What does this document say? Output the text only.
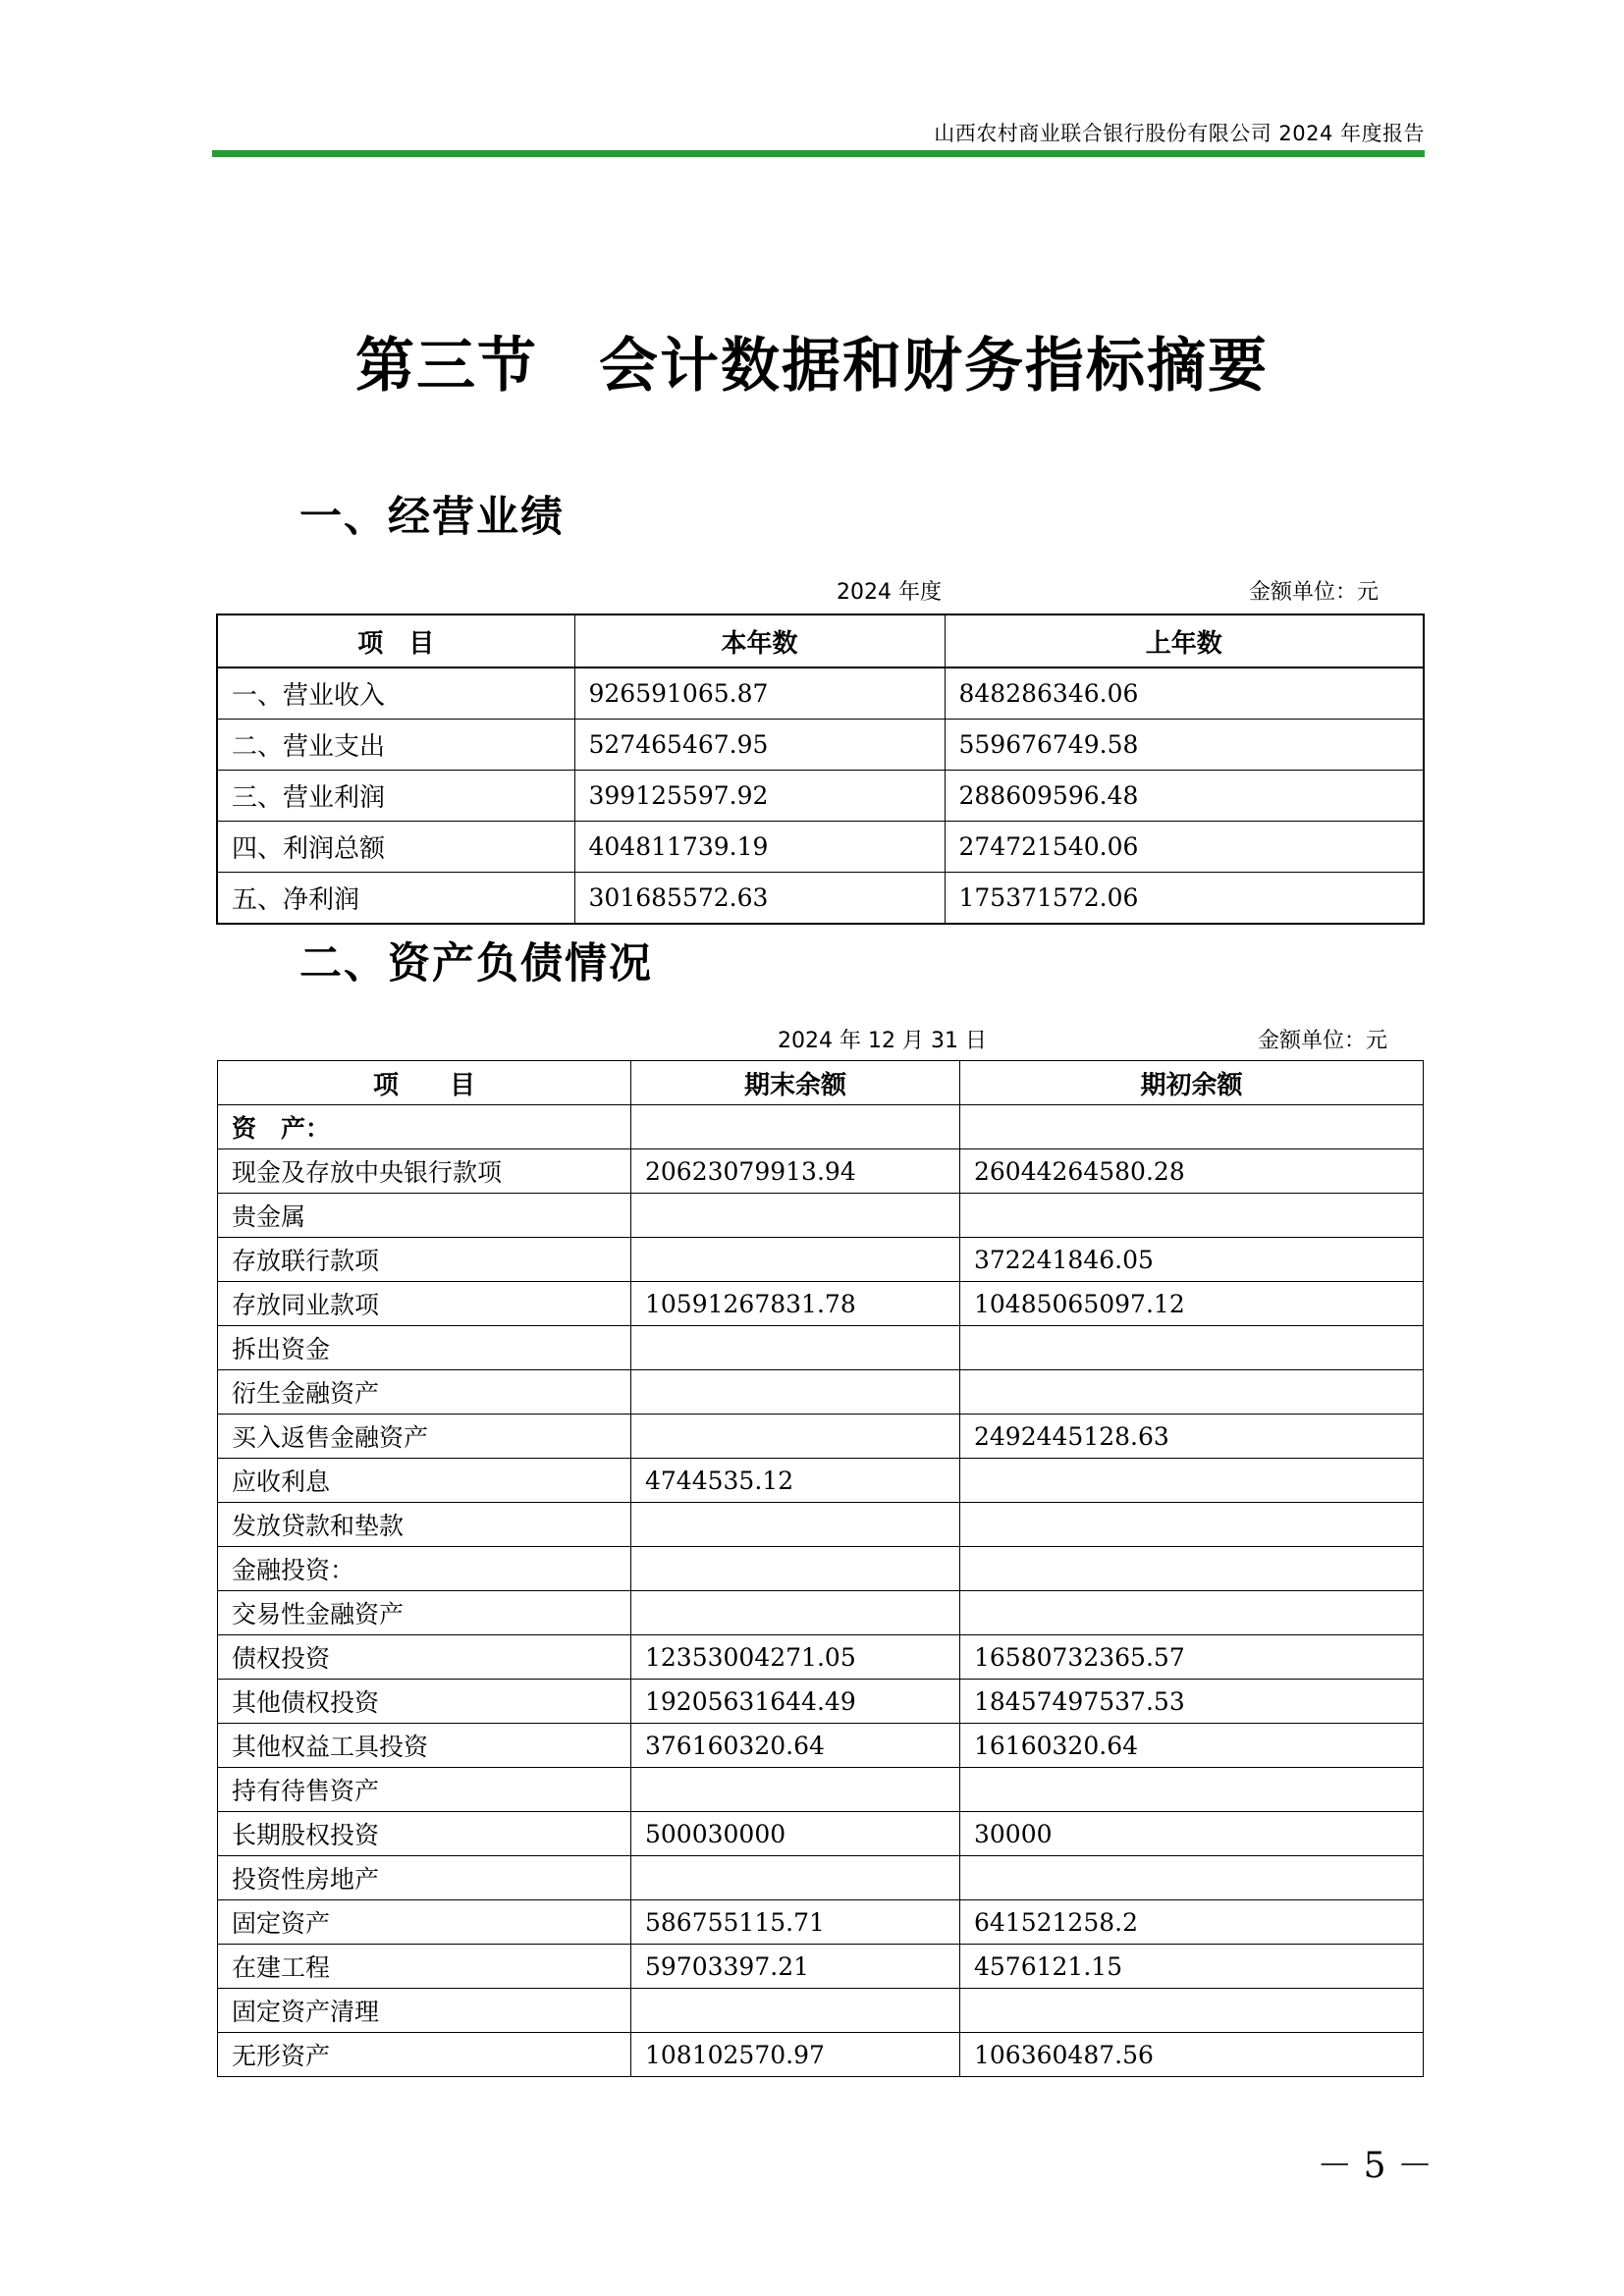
山西农村商业联合银行股份有限公司 2024 年度报告
第三节　会计数据和财务指标摘要
一、经营业绩
2024 年度	金额单位：元
项　目	本年数	上年数
一、营业收入	926591065.87	848286346.06
二、营业支出	527465467.95	559676749.58
三、营业利润	399125597.92	288609596.48
四、利润总额	404811739.19	274721540.06
五、净利润	301685572.63	175371572.06
二、资产负债情况
2024 年 12 月 31 日	金额单位：元
项　　目	期末余额	期初余额
资　产：		
现金及存放中央银行款项	20623079913.94	26044264580.28
贵金属		
存放联行款项		372241846.05
存放同业款项	10591267831.78	10485065097.12
拆出资金		
衍生金融资产		
买入返售金融资产		2492445128.63
应收利息	4744535.12	
发放贷款和垫款		
金融投资：		
交易性金融资产		
债权投资	12353004271.05	16580732365.57
其他债权投资	19205631644.49	18457497537.53
其他权益工具投资	376160320.64	16160320.64
持有待售资产		
长期股权投资	500030000	30000
投资性房地产		
固定资产	586755115.71	641521258.2
在建工程	59703397.21	4576121.15
固定资产清理		
无形资产	108102570.97	106360487.56
－ 5 －
